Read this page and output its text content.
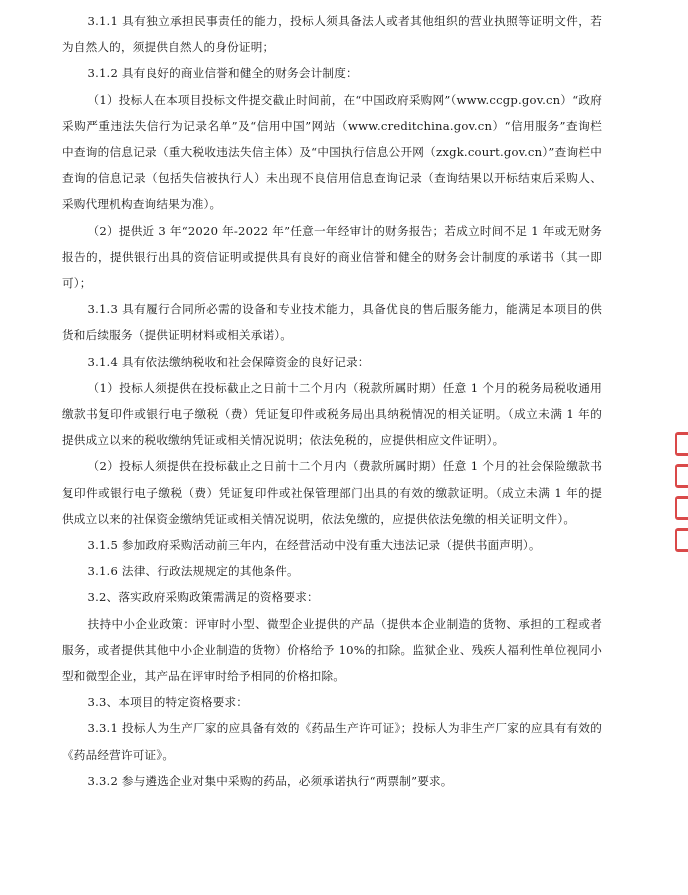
3.1.1 具有独立承担民事责任的能力，投标人须具备法人或者其他组织的营业执照等证明文件，若为自然人的，须提供自然人的身份证明；

3.1.2 具有良好的商业信誉和健全的财务会计制度：

（1）投标人在本项目投标文件提交截止时间前，在“中国政府采购网”（www.ccgp.gov.cn）“政府采购严重违法失信行为记录名单”及“信用中国”网站（www.creditchina.gov.cn）“信用服务”查询栏中查询的信息记录（重大税收违法失信主体）及“中国执行信息公开网（zxgk.court.gov.cn）”查询栏中查询的信息记录（包括失信被执行人）未出现不良信用信息查询记录（查询结果以开标结束后采购人、采购代理机构查询结果为准）。

（2）提供近 3 年“2020 年-2022 年”任意一年经审计的财务报告；若成立时间不足 1 年或无财务报告的，提供银行出具的资信证明或提供具有良好的商业信誉和健全的财务会计制度的承诺书（其一即可）；

3.1.3 具有履行合同所必需的设备和专业技术能力，具备优良的售后服务能力，能满足本项目的供货和后续服务（提供证明材料或相关承诺）。

3.1.4 具有依法缴纳税收和社会保障资金的良好记录：

（1）投标人须提供在投标截止之日前十二个月内（税款所属时期）任意 1 个月的税务局税收通用缴款书复印件或银行电子缴税（费）凭证复印件或税务局出具纳税情况的相关证明。（成立未满 1 年的提供成立以来的税收缴纳凭证或相关情况说明；依法免税的，应提供相应文件证明）。

（2）投标人须提供在投标截止之日前十二个月内（费款所属时期）任意 1 个月的社会保险缴款书复印件或银行电子缴税（费）凭证复印件或社保管理部门出具的有效的缴款证明。（成立未满 1 年的提供成立以来的社保资金缴纳凭证或相关情况说明，依法免缴的，应提供依法免缴的相关证明文件）。

3.1.5 参加政府采购活动前三年内，在经营活动中没有重大违法记录（提供书面声明）。

3.1.6 法律、行政法规规定的其他条件。

3.2、落实政府采购政策需满足的资格要求：

扶持中小企业政策：评审时小型、微型企业提供的产品（提供本企业制造的货物、承担的工程或者服务，或者提供其他中小企业制造的货物）价格给予 10%的扣除。监狱企业、残疾人福利性单位视同小型和微型企业，其产品在评审时给予相同的价格扣除。

3.3、本项目的特定资格要求：

3.3.1 投标人为生产厂家的应具备有效的《药品生产许可证》；投标人为非生产厂家的应具有有效的《药品经营许可证》。

3.3.2 参与遴选企业对集中采购的药品，必须承诺执行“两票制”要求。
